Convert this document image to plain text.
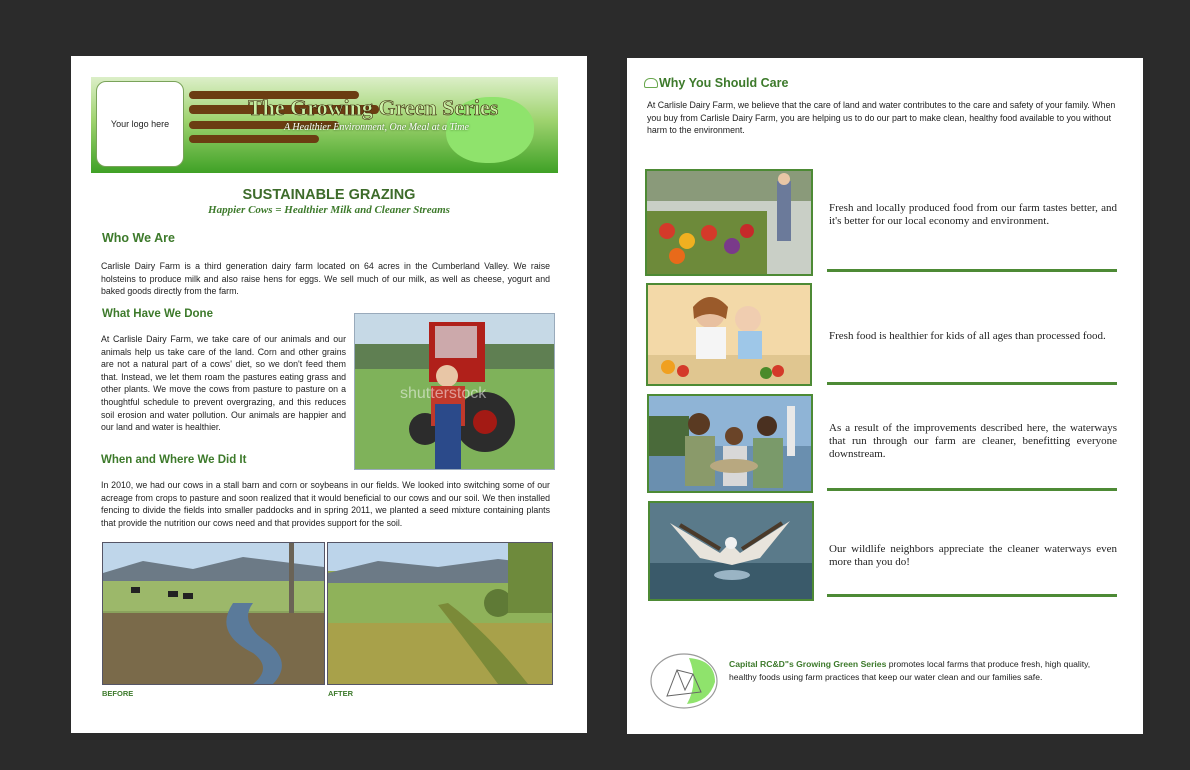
Your logo here
The Growing Green Series
A Healthier Environment, One Meal at a Time
SUSTAINABLE GRAZING
Happier Cows = Healthier Milk and Cleaner Streams
Who We Are
Carlisle Dairy Farm is a third generation dairy farm located on 64 acres in the Cumberland Valley. We raise holsteins to produce milk and also raise hens for eggs. We sell much of our milk, as well as cheese, yogurt and baked goods directly from the farm.
What Have We Done
At Carlisle Dairy Farm, we take care of our animals and our animals help us take care of the land. Corn and other grains are not a natural part of a cows' diet, so we don't feed them that. Instead, we let them roam the pastures eating grass and other plants. We move the cows from pasture to pasture on a thoughtful schedule to prevent overgrazing, and this reduces soil erosion and water pollution. Our animals are happier and our land and water is healthier.
shutterstock
When and Where We Did It
In 2010, we had our cows in a stall barn and corn or soybeans in our fields. We looked into switching some of our acreage from crops to pasture and soon realized that it would beneficial to our cows and our soil. We then installed fencing to divide the fields into smaller paddocks and in spring 2011, we planted a seed mixture containing plants that provide the nutrition our cows need and that provides support for the soil.
BEFORE	AFTER
Why You Should Care
At Carlisle Dairy Farm, we believe that the care of land and water contributes to the care and safety of your family. When you buy from Carlisle Dairy Farm, you are helping us to do our part to make clean, healthy food available to you without harm to the environment.
Fresh and locally produced food from our farm tastes better, and it's better for our local economy and environment.
Fresh food is healthier for kids of all ages than processed food.
As a result of the improvements described here, the waterways that run through our farm are cleaner, benefitting everyone downstream.
Our wildlife neighbors appreciate the cleaner waterways even more than you do!
Capital RC&D"s Growing Green Series promotes local farms that produce fresh, high quality, healthy foods using farm practices that keep our water clean and our families safe.
